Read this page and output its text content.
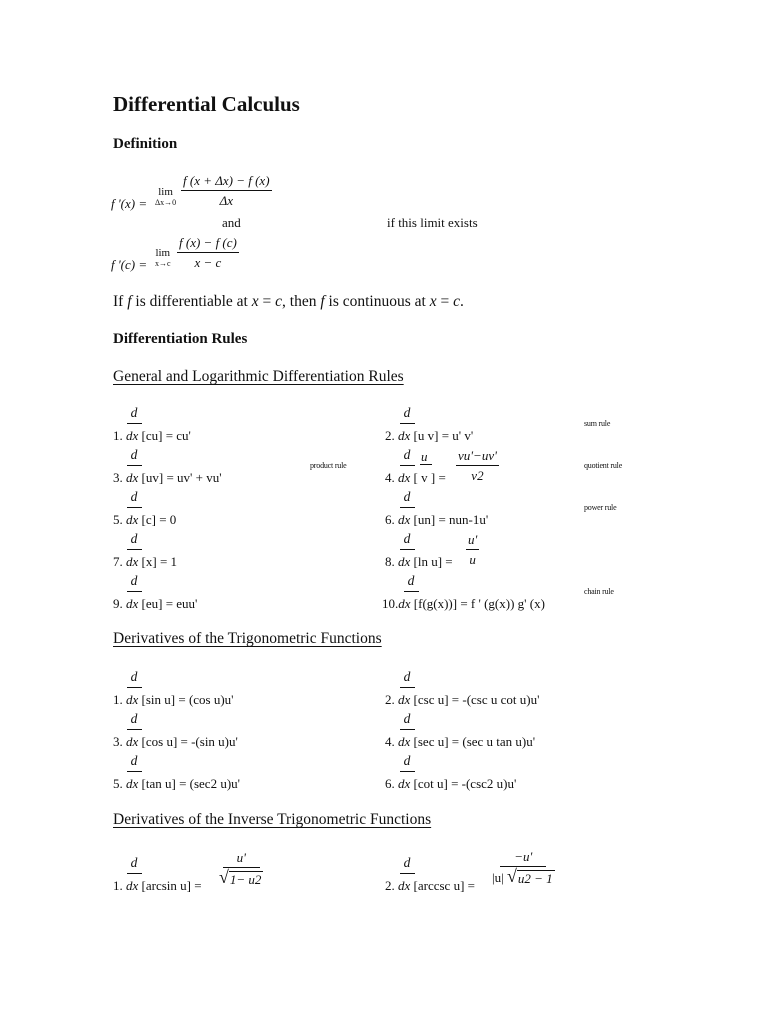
Differential Calculus
Definition
f '(x) =
lim
$\Delta x\to 0 \frac{f (x + \Delta x) - f (x)}{\Delta x}$
and	if this limit exists
f '(c) =
lim
$x\to c \frac{f (x) - f (c)}{x - c}$
If f is differentiable at x = c, then f is continuous at x = c.
Differentiation Rules
General and Logarithmic Differentiation Rules
d
1. dx [cu] = cu'
d
2. dx [u v] = u' v'
sum rule
d
3. dx [uv] = uv' + vu'
product rule
d u
4. dx [ v ] = $\frac{vu'-uv'}{v2}$	quotient rule
d
5. dx [c] = 0
d
6. dx [un] = nun-1u'
power rule
d
7. dx [x] = 1
d
8. dx [ln $u] = \frac{u'}{u}$
d
9. dx [eu] = euu'
d
10.dx [f(g(x))] = f ' (g(x)) g' (x)
chain rule
Derivatives of the Trigonometric Functions
d
1. dx [sin u] = (cos u)u'
d
2. dx [csc u] = -(csc u cot u)u'
d
3. dx [cos u] = -(sin u)u'
d
4. dx [sec u] = (sec u tan u)u'
d
5. dx [tan u] = (sec2 u)u'
d
6. dx [cot u] = -(csc2 u)u'
Derivatives of the Inverse Trigonometric Functions
d
1. dx [arcsin $u] = \frac{u'}{√ 1- u2}$	d
2. dx [arccsc u] =
$\frac{-u'}{|u| √ u2 - 1}$
